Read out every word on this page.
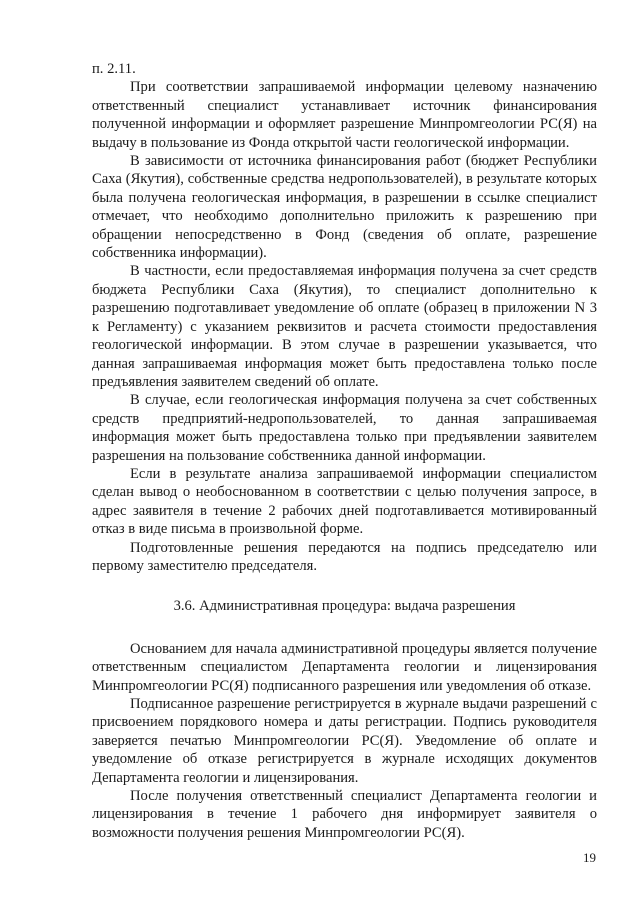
п. 2.11.

При соответствии запрашиваемой информации целевому назначению ответственный специалист устанавливает источник финансирования полученной информации и оформляет разрешение Минпромгеологии РС(Я) на выдачу в пользование из Фонда открытой части геологической информации.

В зависимости от источника финансирования работ (бюджет Республики Саха (Якутия), собственные средства недропользователей), в результате которых была получена геологическая информация, в разрешении в ссылке специалист отмечает, что необходимо дополнительно приложить к разрешению при обращении непосредственно в Фонд (сведения об оплате, разрешение собственника информации).

В частности, если предоставляемая информация получена за счет средств бюджета Республики Саха (Якутия), то специалист дополнительно к разрешению подготавливает уведомление об оплате (образец в приложении N 3 к Регламенту) с указанием реквизитов и расчета стоимости предоставления геологической информации. В этом случае в разрешении указывается, что данная запрашиваемая информация может быть предоставлена только после предъявления заявителем сведений об оплате.

В случае, если геологическая информация получена за счет собственных средств предприятий-недропользователей, то данная запрашиваемая информация может быть предоставлена только при предъявлении заявителем разрешения на пользование собственника данной информации.

Если в результате анализа запрашиваемой информации специалистом сделан вывод о необоснованном в соответствии с целью получения запросе, в адрес заявителя в течение 2 рабочих дней подготавливается мотивированный отказ в виде письма в произвольной форме.

Подготовленные решения передаются на подпись председателю или первому заместителю председателя.

3.6. Административная процедура: выдача разрешения

Основанием для начала административной процедуры является получение ответственным специалистом Департамента геологии и лицензирования Минпромгеологии РС(Я) подписанного разрешения или уведомления об отказе.

Подписанное разрешение регистрируется в журнале выдачи разрешений с присвоением порядкового номера и даты регистрации. Подпись руководителя заверяется печатью Минпромгеологии РС(Я). Уведомление об оплате и уведомление об отказе регистрируется в журнале исходящих документов Департамента геологии и лицензирования.

После получения ответственный специалист Департамента геологии и лицензирования в течение 1 рабочего дня информирует заявителя о возможности получения решения Минпромгеологии РС(Я).

19
